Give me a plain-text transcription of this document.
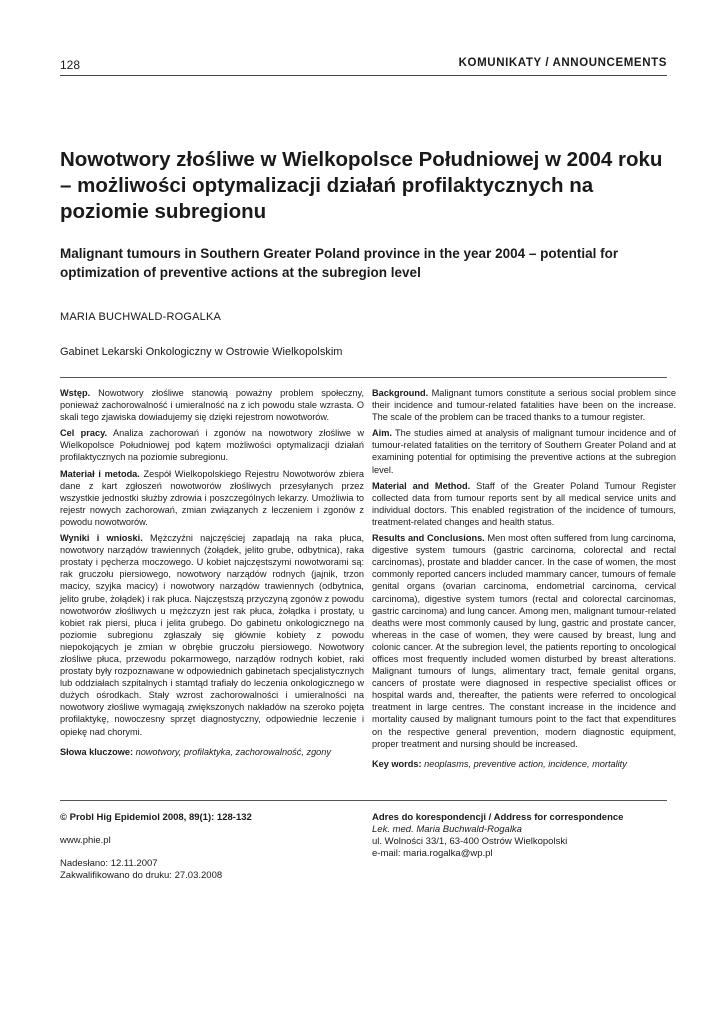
128	KOMUNIKATY / ANNOUNCEMENTS
Nowotwory złośliwe w Wielkopolsce Południowej w 2004 roku – możliwości optymalizacji działań profilaktycznych na poziomie subregionu
Malignant tumours in Southern Greater Poland province in the year 2004 – potential for optimization of preventive actions at the subregion level
MARIA BUCHWALD-ROGALKA
Gabinet Lekarski Onkologiczny w Ostrowie Wielkopolskim

Wstęp. Nowotwory złośliwe stanowią poważny problem społeczny, ponieważ zachorowalność i umieralność na z ich powodu stale wzrasta. O skali tego zjawiska dowiadujemy się dzięki rejestrom nowotworów.

Cel pracy. Analiza zachorowań i zgonów na nowotwory złośliwe w Wielkopolsce Południowej pod kątem możliwości optymalizacji działań profilaktycznych na poziomie subregionu.

Materiał i metoda. Zespół Wielkopolskiego Rejestru Nowotworów zbiera dane z kart zgłoszeń nowotworów złośliwych przesyłanych przez wszystkie jednostki służby zdrowia i poszczególnych lekarzy. Umożliwia to rejestr nowych zachorowań, zmian związanych z leczeniem i zgonów z powodu nowotworów.

Wyniki i wnioski. Mężczyźni najczęściej zapadają na raka płuca, nowotwory narządów trawiennych (żołądek, jelito grube, odbytnica), raka prostaty i pęcherza moczowego. U kobiet najczęstszymi nowotworami są: rak gruczołu piersiowego, nowotwory narządów rodnych (jajnik, trzon macicy, szyjka macicy) i nowotwory narządów trawiennych (odbytnica, jelito grube, żołądek) i rak płuca. Najczęstszą przyczyną zgonów z powodu nowotworów złośliwych u mężczyzn jest rak płuca, żołądka i prostaty, u kobiet rak piersi, płuca i jelita grubego. Do gabinetu onkologicznego na poziomie subregionu zgłaszały się głównie kobiety z powodu niepokojących je zmian w obrębie gruczołu piersiowego. Nowotwory złośliwe płuca, przewodu pokarmowego, narządów rodnych kobiet, raki prostaty były rozpoznawane w odpowiednich gabinetach specjalistycznych lub oddziałach szpitalnych i stamtąd trafiały do leczenia onkologicznego w dużych ośrodkach. Stały wzrost zachorowalności i umieralności na nowotwory złośliwe wymagają zwiększonych nakładów na szeroko pojęta profilaktykę, nowoczesny sprzęt diagnostyczny, odpowiednie leczenie i opiekę nad chorymi.

Słowa kluczowe: nowotwory, profilaktyka, zachorowalność, zgony

Background. Malignant tumors constitute a serious social problem since their incidence and tumour-related fatalities have been on the increase. The scale of the problem can be traced thanks to a tumour register.

Aim. The studies aimed at analysis of malignant tumour incidence and of tumour-related fatalities on the territory of Southern Greater Poland and at examining potential for optimising the preventive actions at the subregion level.

Material and Method. Staff of the Greater Poland Tumour Register collected data from tumour reports sent by all medical service units and individual doctors. This enabled registration of the incidence of tumours, treatment-related changes and health status.

Results and Conclusions. Men most often suffered from lung carcinoma, digestive system tumours (gastric carcinoma, colorectal and rectal carcinomas), prostate and bladder cancer. In the case of women, the most commonly reported cancers included mammary cancer, tumours of female genital organs (ovarian carcinoma, endometrial carcinoma, cervical carcinoma), digestive system tumors (rectal and colorectal carcinomas, gastric carcinoma) and lung cancer. Among men, malignant tumour-related deaths were most commonly caused by lung, gastric and prostate cancer, whereas in the case of women, they were caused by breast, lung and colonic cancer. At the subregion level, the patients reporting to oncological offices most frequently included women disturbed by breast alterations. Malignant tumours of lungs, alimentary tract, female genital organs, cancers of prostate were diagnosed in respective specialist offices or hospital wards and, thereafter, the patients were referred to oncological treatment in large centres. The constant increase in the incidence and mortality caused by malignant tumours point to the fact that expenditures on the respective general prevention, modern diagnostic equipment, proper treatment and nursing should be increased.

Key words: neoplasms, preventive action, incidence, mortality

© Probl Hig Epidemiol 2008, 89(1): 128-132

www.phie.pl

Nadesłano: 12.11.2007

Zakwalifikowano do druku: 27.03.2008

Adres do korespondencji / Address for correspondence

Lek. med. Maria Buchwald-Rogalka

ul. Wolności 33/1, 63-400 Ostrów Wielkopolski

e-mail: maria.rogalka@wp.pl
